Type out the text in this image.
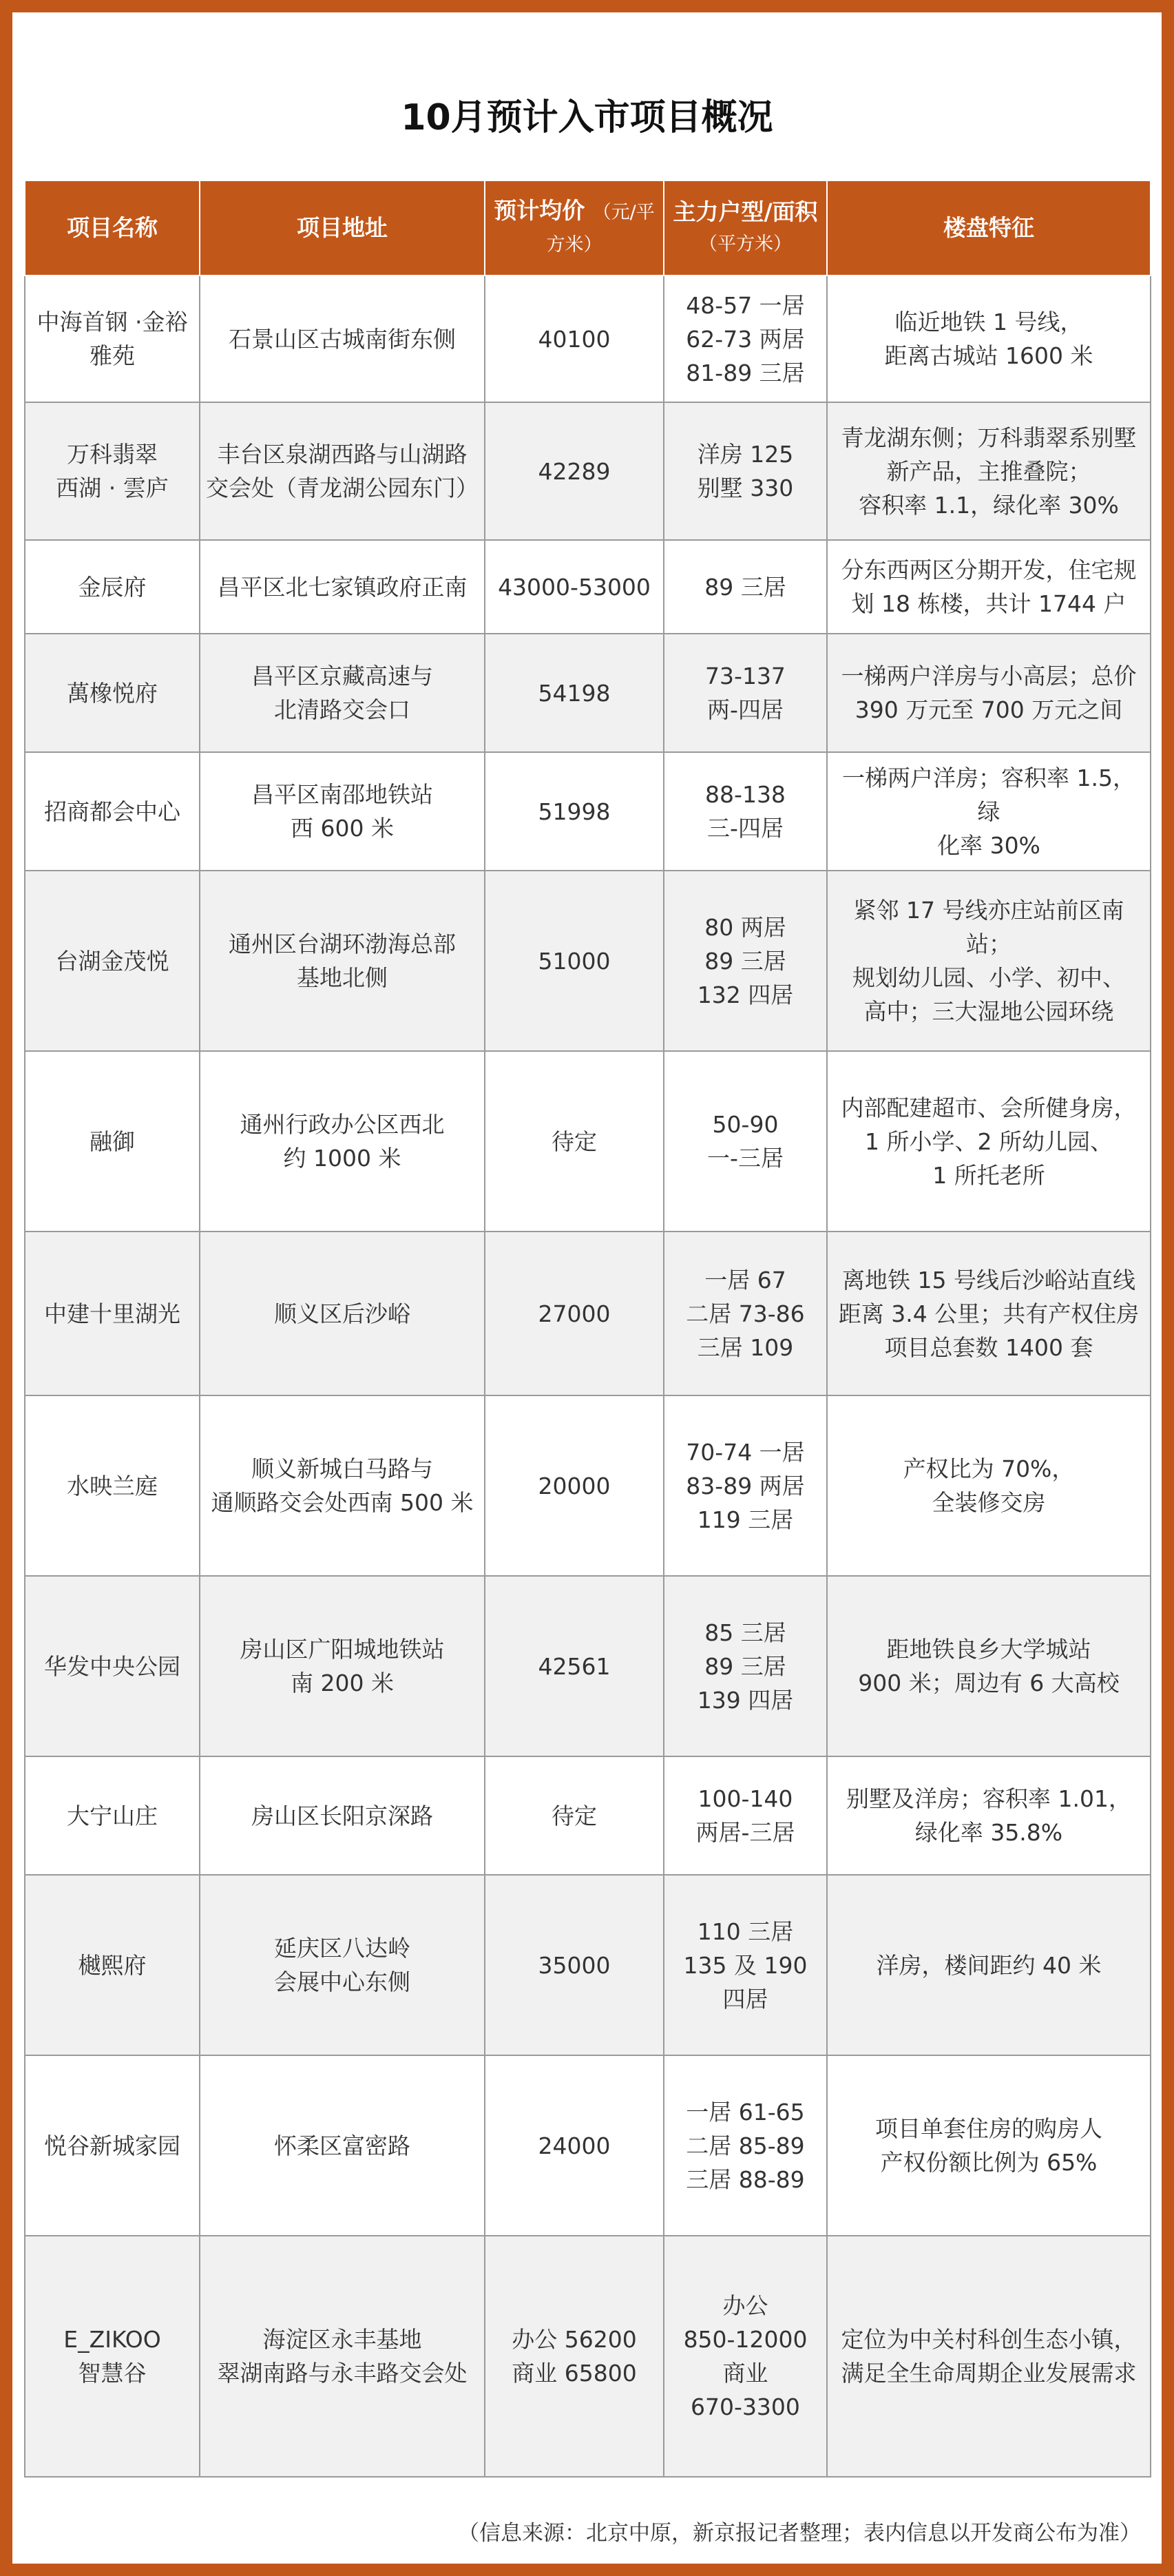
10月预计入市项目概况
项目名称	项目地址	预计均价 （元/平方米）	主力户型/面积 （平方米）	楼盘特征

中海首钢 ·金裕
雅苑	石景山区古城南街东侧	40100	48-57 一居
62-73 两居
81-89 三居	临近地铁 1 号线，
距离古城站 1600 米

万科翡翠
西湖 · 雲庐	丰台区泉湖西路与山湖路
交会处（青龙湖公园东门）	42289	洋房 125
别墅 330	青龙湖东侧；万科翡翠系别墅
新产品，主推叠院；
容积率 1.1，绿化率 30%

金辰府	昌平区北七家镇政府正南	43000-53000	89 三居	分东西两区分期开发，住宅规
划 18 栋楼，共计 1744 户

萬橡悦府	昌平区京藏高速与
北清路交会口	54198	73-137
两-四居	一梯两户洋房与小高层；总价
390 万元至 700 万元之间

招商都会中心	昌平区南邵地铁站
西 600 米	51998	88-138
三-四居	一梯两户洋房；容积率 1.5，绿
化率 30%

台湖金茂悦	通州区台湖环渤海总部
基地北侧	51000	80 两居
89 三居
132 四居	紧邻 17 号线亦庄站前区南站；
规划幼儿园、小学、初中、
高中；三大湿地公园环绕

融御	通州行政办公区西北
约 1000 米	待定	50-90
一-三居	内部配建超市、会所健身房，
1 所小学、2 所幼儿园、
1 所托老所

中建十里湖光	顺义区后沙峪	27000	一居 67
二居 73-86
三居 109	离地铁 15 号线后沙峪站直线
距离 3.4 公里；共有产权住房
项目总套数 1400 套

水映兰庭	顺义新城白马路与
通顺路交会处西南 500 米	20000	70-74 一居
83-89 两居
119 三居	产权比为 70%，
全装修交房

华发中央公园	房山区广阳城地铁站
南 200 米	42561	85 三居
89 三居
139 四居	距地铁良乡大学城站
900 米；周边有 6 大高校

大宁山庄	房山区长阳京深路	待定	100-140
两居-三居	别墅及洋房；容积率 1.01，
绿化率 35.8%

樾熙府	延庆区八达岭
会展中心东侧	35000	110 三居
135 及 190
四居	洋房，楼间距约 40 米

悦谷新城家园	怀柔区富密路	24000	一居 61-65
二居 85-89
三居 88-89	项目单套住房的购房人
产权份额比例为 65%

E_ZIKOO
智慧谷	海淀区永丰基地
翠湖南路与永丰路交会处	办公 56200
商业 65800	办公
850-12000
商业
670-3300	定位为中关村科创生态小镇，
满足全生命周期企业发展需求
（信息来源：北京中原，新京报记者整理；表内信息以开发商公布为准）
